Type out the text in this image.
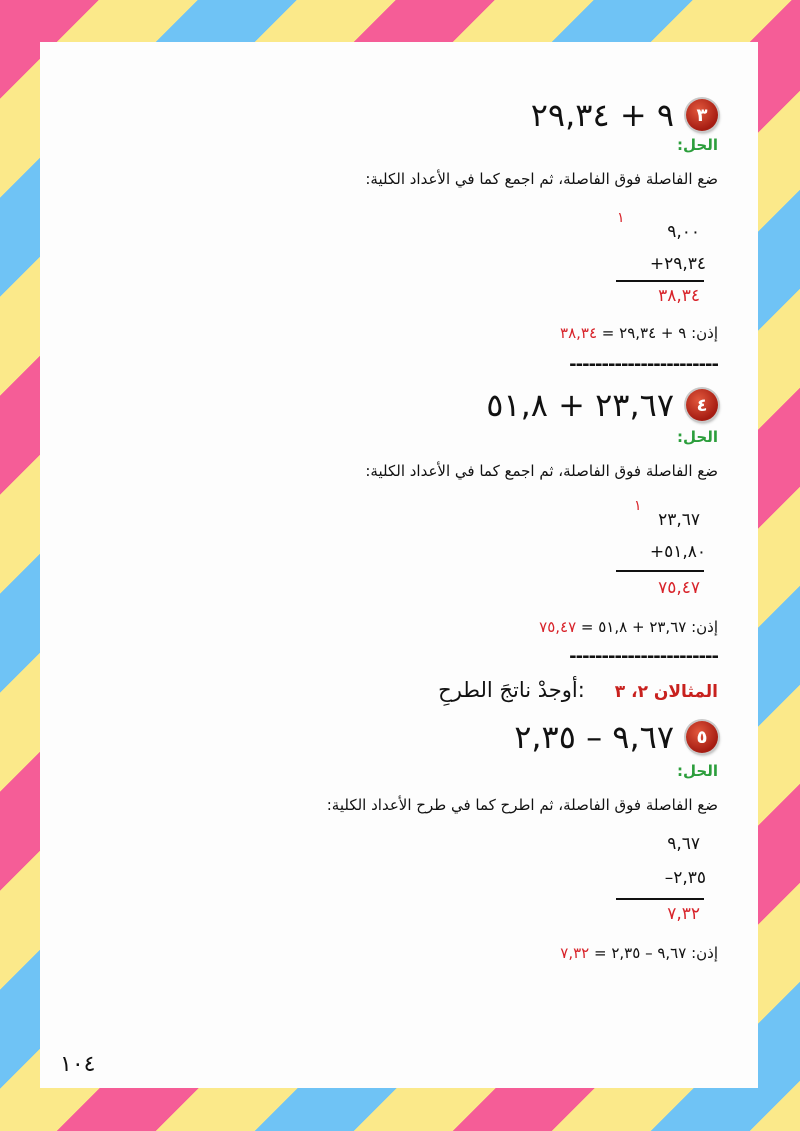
٣
٩ + ٢٩,٣٤
الحل:
ضع الفاصلة فوق الفاصلة، ثم اجمع كما في الأعداد الكلية:
١
٩,٠٠
+٢٩,٣٤
٣٨,٣٤
إذن: ٩ + ٢٩,٣٤ = ٣٨,٣٤
-----------------------
٤
٢٣,٦٧ + ٥١,٨
الحل:
ضع الفاصلة فوق الفاصلة، ثم اجمع كما في الأعداد الكلية:
١
٢٣,٦٧
+٥١,٨٠
٧٥,٤٧
إذن: ٢٣,٦٧ + ٥١,٨ = ٧٥,٤٧
-----------------------
المثالان ٢، ٣
أوجدْ ناتجَ الطرحِ:
٥
٩,٦٧ – ٢,٣٥
الحل:
ضع الفاصلة فوق الفاصلة، ثم اطرح كما في طرح الأعداد الكلية:
٩,٦٧
–٢,٣٥
٧,٣٢
إذن: ٩,٦٧ – ٢,٣٥ = ٧,٣٢
١٠٤
